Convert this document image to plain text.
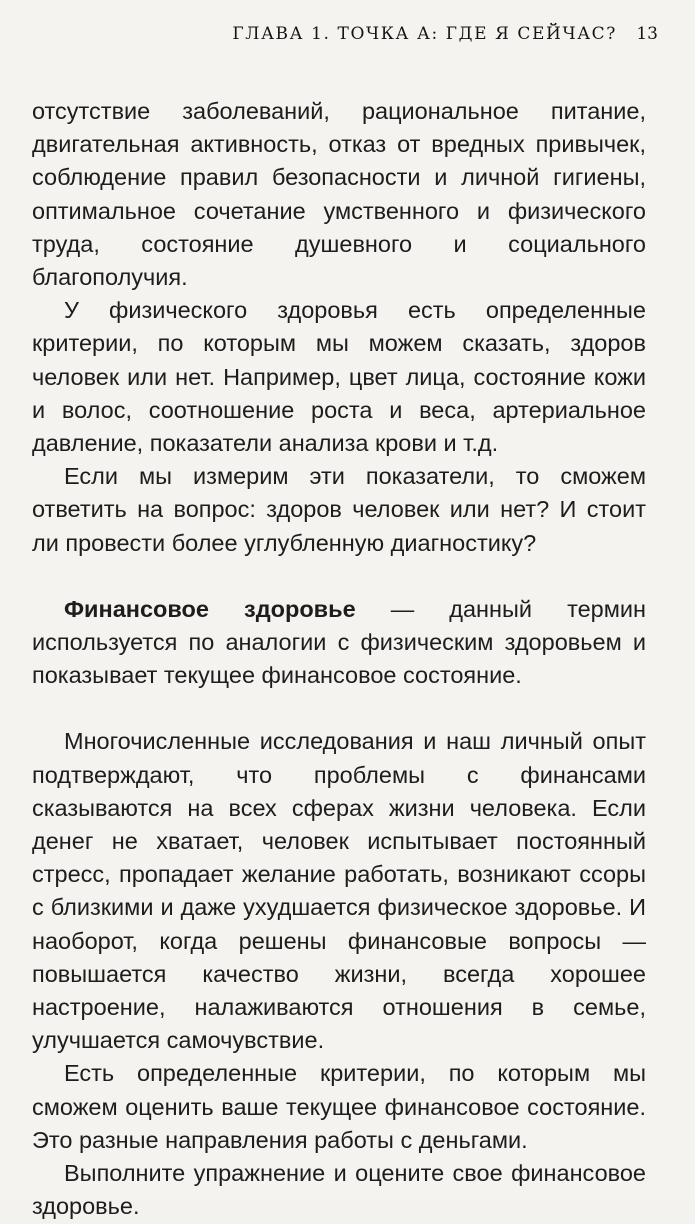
ГЛАВА 1. ТОЧКА А: ГДЕ Я СЕЙЧАС? 13

отсутствие заболеваний, рациональное питание, двигательная активность, отказ от вредных привычек, соблюдение правил безопасности и личной гигиены, оптимальное сочетание умственного и физического труда, состояние душевного и социального благополучия.

У физического здоровья есть определенные критерии, по которым мы можем сказать, здоров человек или нет. Например, цвет лица, состояние кожи и волос, соотношение роста и веса, артериальное давление, показатели анализа крови и т.д.

Если мы измерим эти показатели, то сможем ответить на вопрос: здоров человек или нет? И стоит ли провести более углубленную диагностику?

Финансовое здоровье — данный термин используется по аналогии с физическим здоровьем и показывает текущее финансовое состояние.

Многочисленные исследования и наш личный опыт подтверждают, что проблемы с финансами сказываются на всех сферах жизни человека. Если денег не хватает, человек испытывает постоянный стресс, пропадает желание работать, возникают ссоры с близкими и даже ухудшается физическое здоровье. И наоборот, когда решены финансовые вопросы — повышается качество жизни, всегда хорошее настроение, налаживаются отношения в семье, улучшается самочувствие.

Есть определенные критерии, по которым мы сможем оценить ваше текущее финансовое состояние. Это разные направления работы с деньгами.

Выполните упражнение и оцените свое финансовое здоровье.
